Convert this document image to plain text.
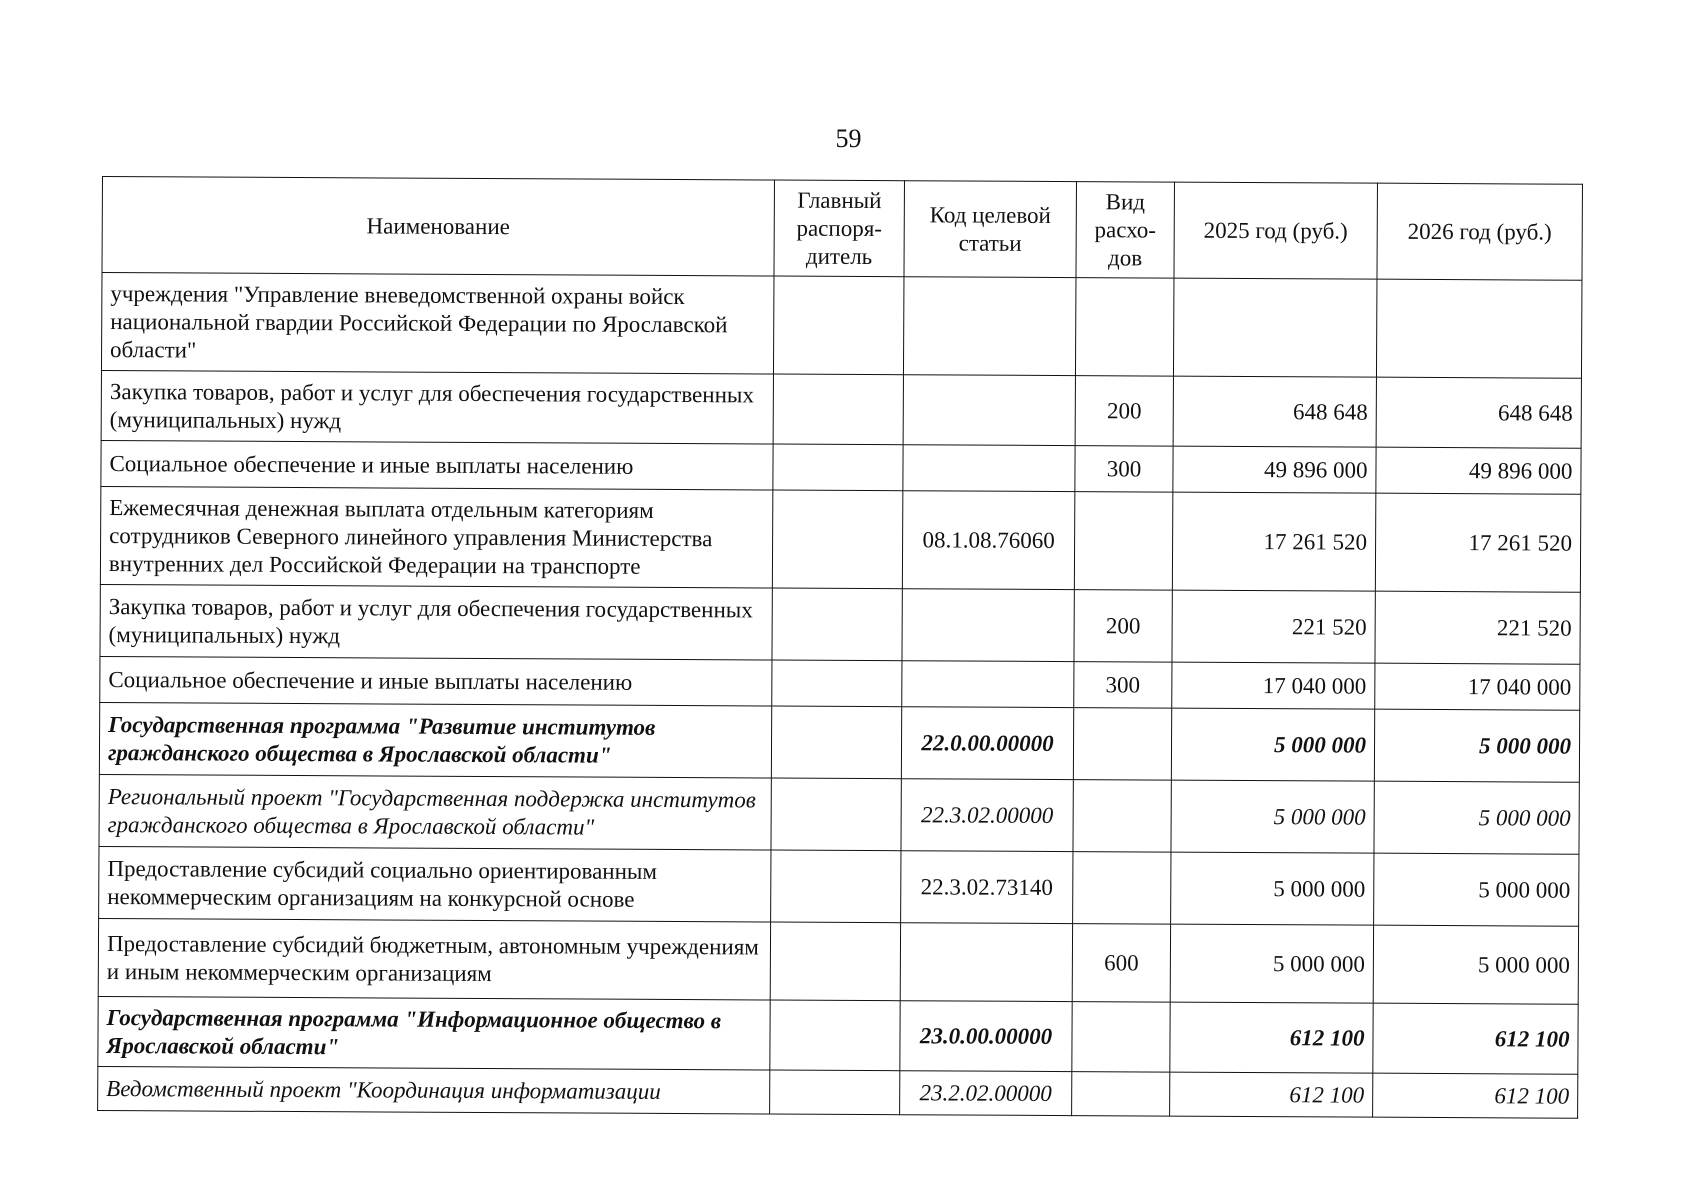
59
Наименование	Главный распоря-дитель	Код целевой статьи	Вид расхо-дов	2025 год (руб.)	2026 год (руб.)
учреждения "Управление вневедомственной охраны войск национальной гвардии Российской Федерации по Ярославской области"					
Закупка товаров, работ и услуг для обеспечения государственных (муниципальных) нужд			200	648 648	648 648
Социальное обеспечение и иные выплаты населению			300	49 896 000	49 896 000
Ежемесячная денежная выплата отдельным категориям сотрудников Северного линейного управления Министерства внутренних дел Российской Федерации на транспорте		08.1.08.76060		17 261 520	17 261 520
Закупка товаров, работ и услуг для обеспечения государственных (муниципальных) нужд			200	221 520	221 520
Социальное обеспечение и иные выплаты населению			300	17 040 000	17 040 000
Государственная программа "Развитие институтов гражданского общества в Ярославской области"		22.0.00.00000		5 000 000	5 000 000
Региональный проект "Государственная поддержка институтов гражданского общества в Ярославской области"		22.3.02.00000		5 000 000	5 000 000
Предоставление субсидий социально ориентированным некоммерческим организациям на конкурсной основе		22.3.02.73140		5 000 000	5 000 000
Предоставление субсидий бюджетным, автономным учреждениям и иным некоммерческим организациям			600	5 000 000	5 000 000
Государственная программа "Информационное общество в Ярославской области"		23.0.00.00000		612 100	612 100
Ведомственный проект "Координация информатизации		23.2.02.00000		612 100	612 100
